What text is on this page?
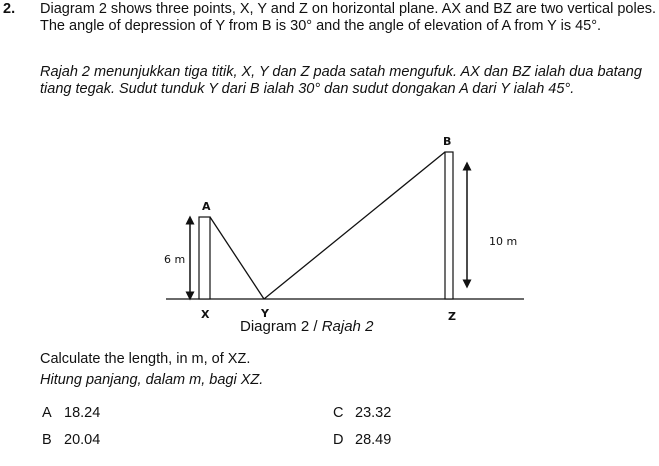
2. Diagram 2 shows three points, X, Y and Z on horizontal plane. AX and BZ are two vertical poles. The angle of depression of Y from B is 30° and the angle of elevation of A from Y is 45°.
Rajah 2 menunjukkan tiga titik, X, Y dan Z pada satah mengufuk. AX dan BZ ialah dua batang tiang tegak. Sudut tunduk Y dari B ialah 30° dan sudut dongakan A dari Y ialah 45°.
A
B
X	Y	Z
6 m
10 m
Diagram 2 / Rajah 2
Calculate the length, in m, of XZ.
Hitung panjang, dalam m, bagi XZ.
A 18.24
B 20.04
C 23.32
D 28.49
